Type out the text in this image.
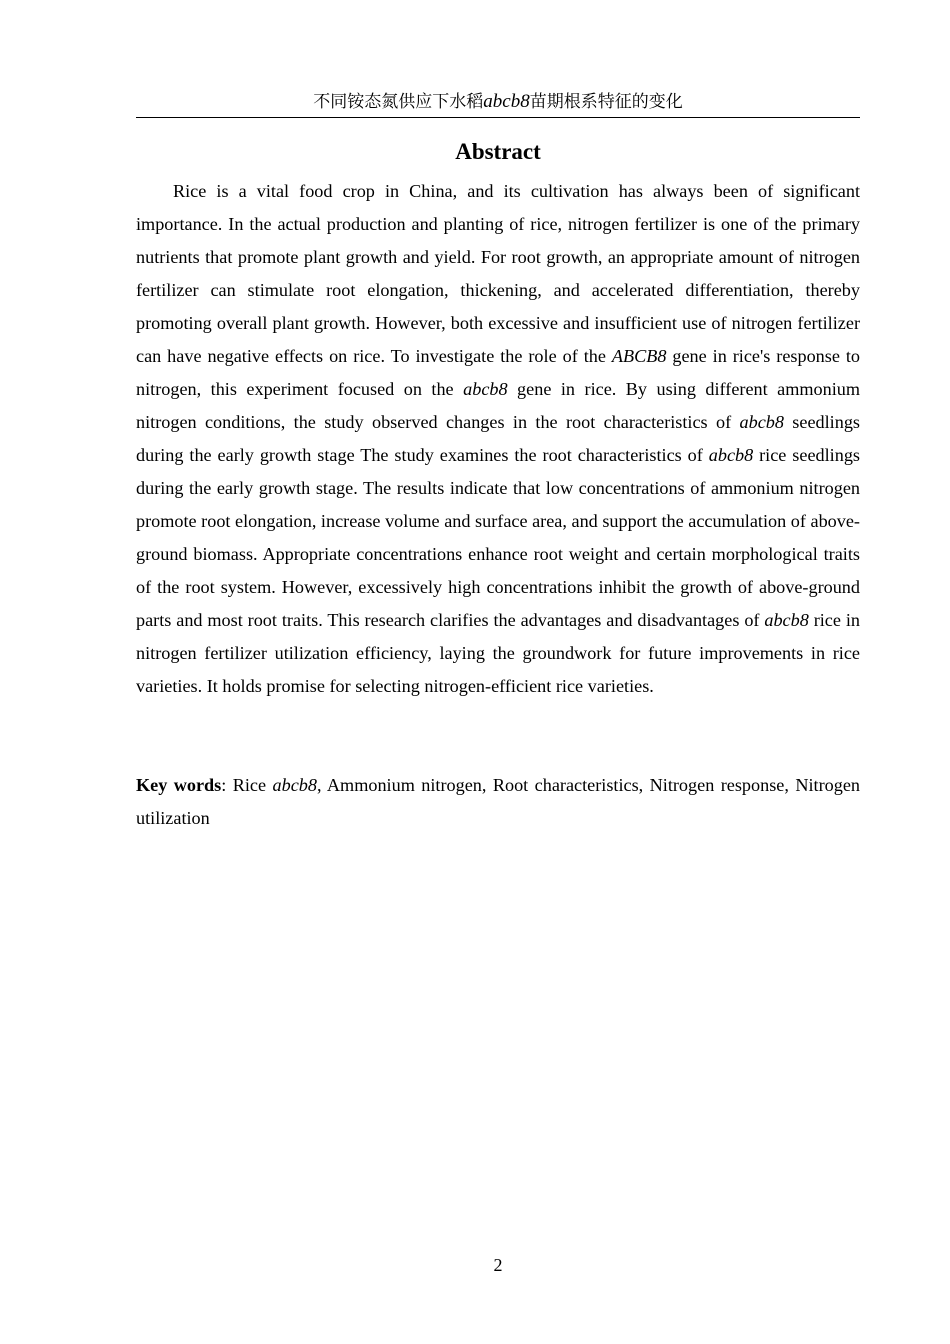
不同铵态氮供应下水稻abcb8苗期根系特征的变化
Abstract

Rice is a vital food crop in China, and its cultivation has always been of significant importance. In the actual production and planting of rice, nitrogen fertilizer is one of the primary nutrients that promote plant growth and yield. For root growth, an appropriate amount of nitrogen fertilizer can stimulate root elongation, thickening, and accelerated differentiation, thereby promoting overall plant growth. However, both excessive and insufficient use of nitrogen fertilizer can have negative effects on rice. To investigate the role of the ABCB8 gene in rice's response to nitrogen, this experiment focused on the abcb8 gene in rice. By using different ammonium nitrogen conditions, the study observed changes in the root characteristics of abcb8 seedlings during the early growth stage The study examines the root characteristics of abcb8 rice seedlings during the early growth stage. The results indicate that low concentrations of ammonium nitrogen promote root elongation, increase volume and surface area, and support the accumulation of above-ground biomass. Appropriate concentrations enhance root weight and certain morphological traits of the root system. However, excessively high concentrations inhibit the growth of above-ground parts and most root traits. This research clarifies the advantages and disadvantages of abcb8 rice in nitrogen fertilizer utilization efficiency, laying the groundwork for future improvements in rice varieties. It holds promise for selecting nitrogen-efficient rice varieties.

Key words: Rice abcb8, Ammonium nitrogen, Root characteristics, Nitrogen response, Nitrogen utilization

2
